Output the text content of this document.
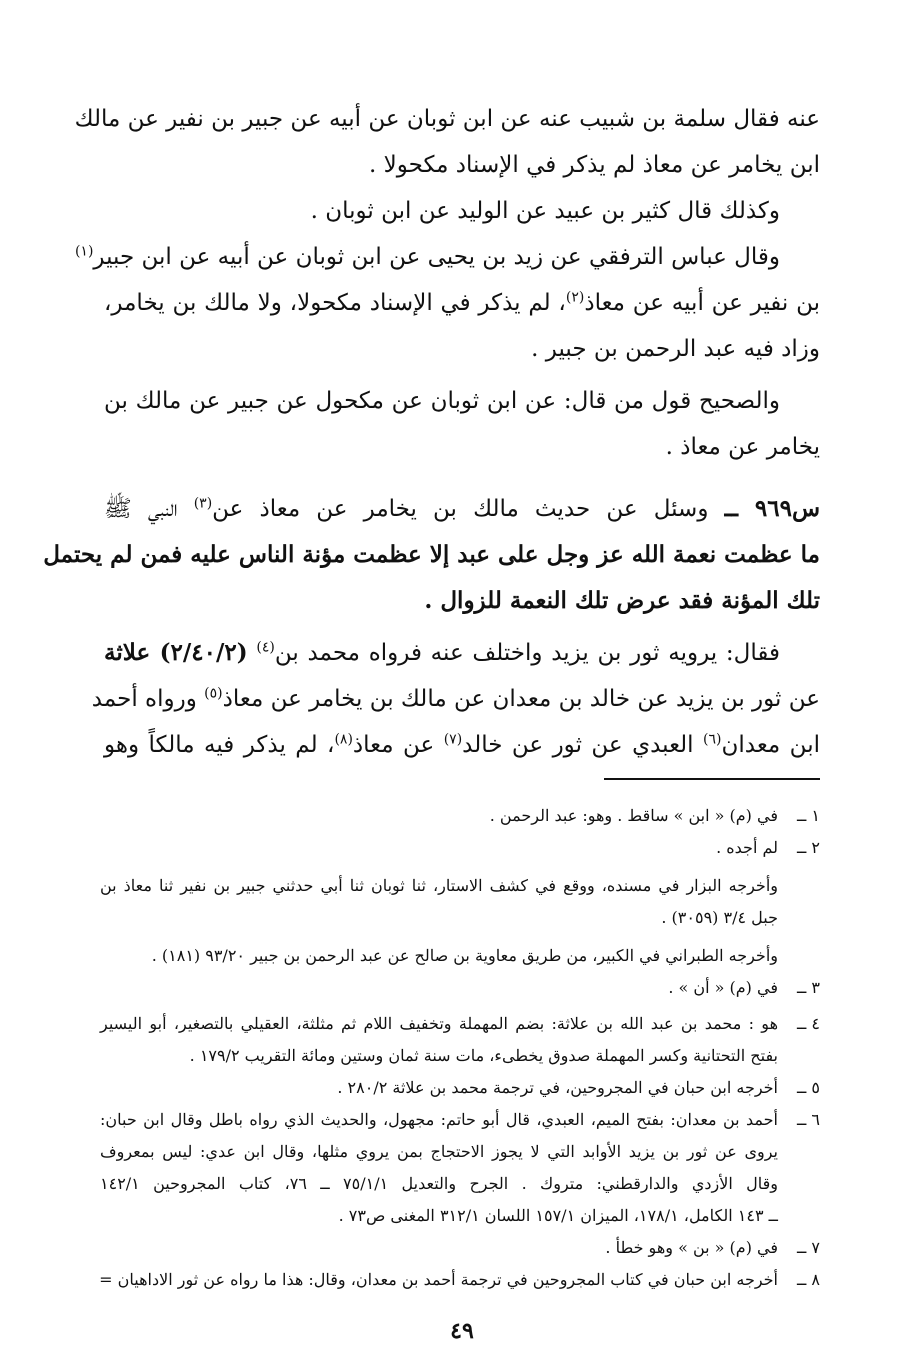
عنه فقال سلمة بن شبيب عنه عن ابن ثوبان عن أبيه عن جبير بن نفير عن مالك
ابن يخامر عن معاذ لم يذكر في الإسناد مكحولا .
وكذلك قال كثير بن عبيد عن الوليد عن ابن ثوبان .
وقال عباس الترفقي عن زيد بن يحيى عن ابن ثوبان عن أبيه عن ابن جبير$^{(١)}$
بن نفير عن أبيه عن معاذ$^{(٢)}$، لم يذكر في الإسناد مكحولا، ولا مالك بن يخامر،
وزاد فيه عبد الرحمن بن جبير .
والصحيح قول من قال: عن ابن ثوبان عن مكحول عن جبير عن مالك بن
يخامر عن معاذ .
س٩٦٩ ــ وسئل عن حديث مالك بن يخامر عن معاذ عن$^{(٣)}$ النبي ﷺ
ما عظمت نعمة الله عز وجل على عبد إلا عظمت مؤنة الناس عليه فمن لم يحتمل
تلك المؤنة فقد عرض تلك النعمة للزوال .
فقال: يرويه ثور بن يزيد واختلف عنه فرواه محمد بن$^{(٤)}$ (٢/٤٠/٢) علاثة
عن ثور بن يزيد عن خالد بن معدان عن مالك بن يخامر عن معاذ$^{(٥)}$ ورواه أحمد
ابن معدان$^{(٦)}$ العبدي عن ثور عن خالد$^{(٧)}$ عن معاذ$^{(٨)}$، لم يذكر فيه مالكاً وهو
١ ــ
في (م) « ابن » ساقط . وهو: عبد الرحمن .
٢ ــ
لم أجده .
وأخرجه البزار في مسنده، ووقع في كشف الاستار، ثنا ثوبان ثنا أبي حدثني جبير بن نفير ثنا معاذ بن
جبل ٣/٤ (٣٠٥٩) .
وأخرجه الطبراني في الكبير، من طريق معاوية بن صالح عن عبد الرحمن بن جبير ٩٣/٢٠ (١٨١) .
٣ ــ
في (م) « أن » .
٤ ــ
هو : محمد بن عبد الله بن علاثة: بضم المهملة وتخفيف اللام ثم مثلثة، العقيلي بالتصغير، أبو اليسير
بفتح التحتانية وكسر المهملة صدوق يخطىء، مات سنة ثمان وستين ومائة التقريب ١٧٩/٢ .
٥ ــ
أخرجه ابن حبان في المجروحين، في ترجمة محمد بن علاثة ٢٨٠/٢ .
٦ ــ
أحمد بن معدان: بفتح الميم، العبدي، قال أبو حاتم: مجهول، والحديث الذي رواه باطل وقال ابن حبان:
يروى عن ثور بن يزيد الأوابد التي لا يجوز الاحتجاج بمن يروي مثلها، وقال ابن عدي: ليس بمعروف
وقال الأزدي والدارقطني: متروك . الجرح والتعديل ٧٥/١/١ ــ ٧٦، كتاب المجروحين ١٤٢/١
ــ ١٤٣ الكامل، ١٧٨/١، الميزان ١٥٧/١ اللسان ٣١٢/١ المغنى ص٧٣ .
٧ ــ
في (م) « بن » وهو خطأ .
٨ ــ
أخرجه ابن حبان في كتاب المجروحين في ترجمة أحمد بن معدان، وقال: هذا ما رواه عن ثور الاداهيان =
٤٩
